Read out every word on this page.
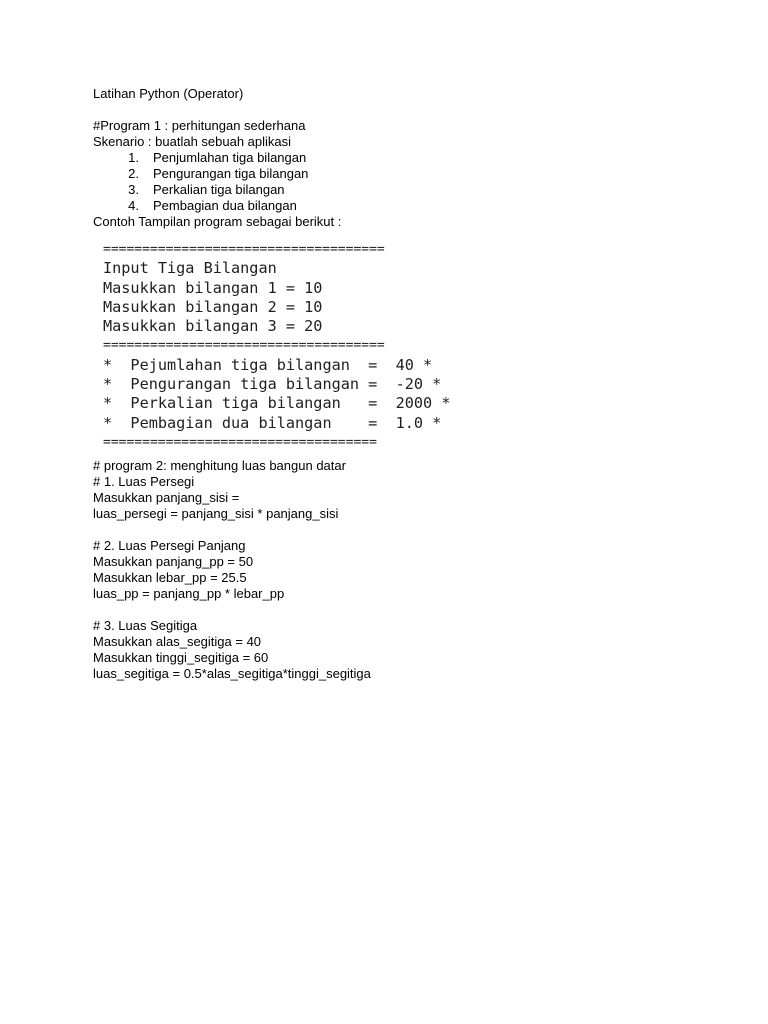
Latihan Python (Operator)
#Program 1 : perhitungan sederhana
Skenario : buatlah sebuah aplikasi
1.	Penjumlahan tiga bilangan
2.	Pengurangan tiga bilangan
3.	Perkalian tiga bilangan
4.	Pembagian dua bilangan
Contoh Tampilan program sebagai berikut :
====================================
Input Tiga Bilangan
Masukkan bilangan 1 = 10
Masukkan bilangan 2 = 10
Masukkan bilangan 3 = 20
====================================
*  Pejumlahan tiga bilangan  =  40 *
*  Pengurangan tiga bilangan =  -20 *
*  Perkalian tiga bilangan   =  2000 *
*  Pembagian dua bilangan    =  1.0 *
===================================
# program 2: menghitung luas bangun datar
# 1. Luas Persegi
Masukkan panjang_sisi =
luas_persegi = panjang_sisi * panjang_sisi
# 2. Luas Persegi Panjang
Masukkan panjang_pp = 50
Masukkan lebar_pp = 25.5
luas_pp = panjang_pp * lebar_pp
# 3. Luas Segitiga
Masukkan alas_segitiga = 40
Masukkan tinggi_segitiga = 60
luas_segitiga = 0.5*alas_segitiga*tinggi_segitiga
